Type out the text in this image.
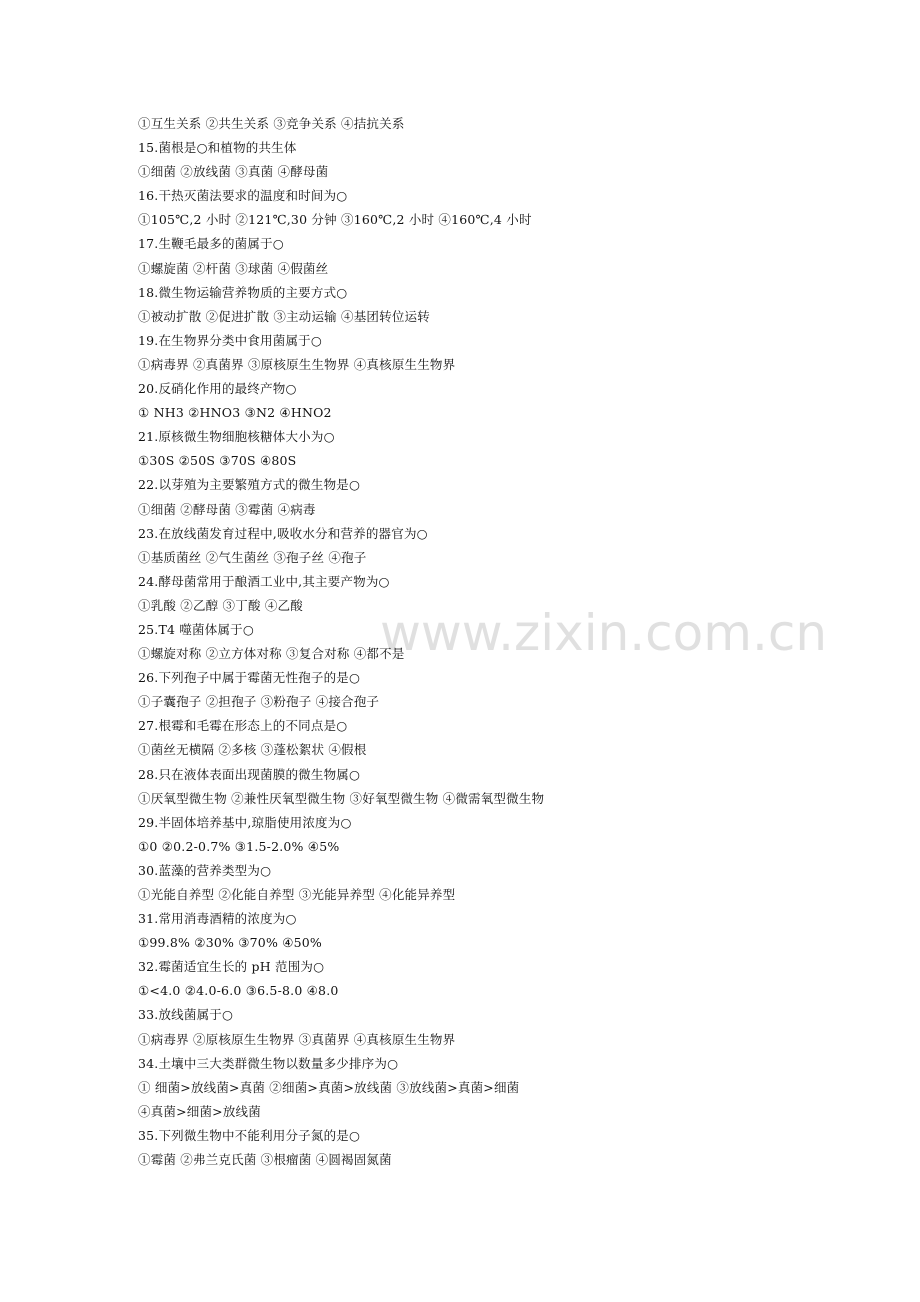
www.zixin.com.cn
①互生关系 ②共生关系 ③竞争关系 ④拮抗关系
15.菌根是○和植物的共生体
①细菌 ②放线菌 ③真菌 ④酵母菌
16.干热灭菌法要求的温度和时间为○
①105℃,2 小时 ②121℃,30 分钟 ③160℃,2 小时 ④160℃,4 小时
17.生鞭毛最多的菌属于○
①螺旋菌 ②杆菌 ③球菌 ④假菌丝
18.微生物运输营养物质的主要方式○
①被动扩散 ②促进扩散 ③主动运输 ④基团转位运转
19.在生物界分类中食用菌属于○
①病毒界 ②真菌界 ③原核原生生物界 ④真核原生生物界
20.反硝化作用的最终产物○
① NH3 ②HNO3 ③N2 ④HNO2
21.原核微生物细胞核糖体大小为○
①30S ②50S ③70S ④80S
22.以芽殖为主要繁殖方式的微生物是○
①细菌 ②酵母菌 ③霉菌 ④病毒
23.在放线菌发育过程中,吸收水分和营养的器官为○
①基质菌丝 ②气生菌丝 ③孢子丝 ④孢子
24.酵母菌常用于酿酒工业中,其主要产物为○
①乳酸 ②乙醇 ③丁酸 ④乙酸
25.T4 噬菌体属于○
①螺旋对称 ②立方体对称 ③复合对称 ④都不是
26.下列孢子中属于霉菌无性孢子的是○
①子囊孢子 ②担孢子 ③粉孢子 ④接合孢子
27.根霉和毛霉在形态上的不同点是○
①菌丝无横隔 ②多核 ③蓬松絮状 ④假根
28.只在液体表面出现菌膜的微生物属○
①厌氧型微生物 ②兼性厌氧型微生物 ③好氧型微生物 ④微需氧型微生物
29.半固体培养基中,琼脂使用浓度为○
①0 ②0.2-0.7% ③1.5-2.0% ④5%
30.蓝藻的营养类型为○
①光能自养型 ②化能自养型 ③光能异养型 ④化能异养型
31.常用消毒酒精的浓度为○
①99.8% ②30% ③70% ④50%
32.霉菌适宜生长的 pH 范围为○
①<4.0 ②4.0-6.0 ③6.5-8.0 ④8.0
33.放线菌属于○
①病毒界 ②原核原生生物界 ③真菌界 ④真核原生生物界
34.土壤中三大类群微生物以数量多少排序为○
① 细菌>放线菌>真菌 ②细菌>真菌>放线菌 ③放线菌>真菌>细菌
④真菌>细菌>放线菌
35.下列微生物中不能利用分子氮的是○
①霉菌 ②弗兰克氏菌 ③根瘤菌 ④圆褐固氮菌
